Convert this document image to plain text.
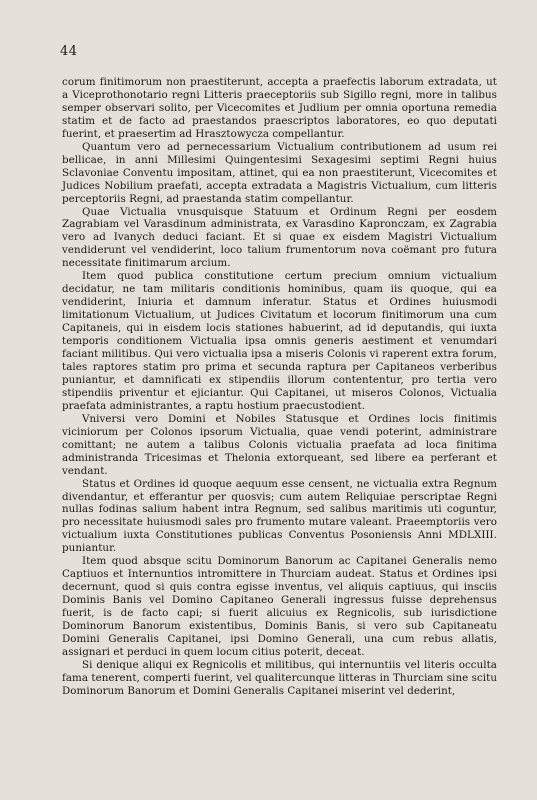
44

corum finitimorum non praestiterunt, accepta a praefectis laborum extradata, ut a Viceprothonotario regni Litteris praeceptoriis sub Sigillo regni, more in talibus semper observari solito, per Vicecomites et Judlium per omnia oportuna remedia statim et de facto ad praestandos praescriptos laboratores, eo quo deputati fuerint, et praesertim ad Hrasztowycza compellantur.

Quantum vero ad pernecessarium Victualium contributionem ad usum rei bellicae, in anni Millesimi Quingentesimi Sexagesimi septimi Regni huius Sclavoniae Conventu impositam, attinet, qui ea non praestiterunt, Vicecomites et Judices Nobilium praefati, accepta extradata a Magistris Victualium, cum litteris perceptoriis Regni, ad praestanda statim compellantur.

Quae Victualia vnusquisque Statuum et Ordinum Regni per eosdem Zagrabiam vel Varasdinum administrata, ex Varasdino Kapronczam, ex Zagrabia vero ad Ivanych deduci faciant. Et si quae ex eisdem Magistri Victualium vendiderunt vel vendiderint, loco talium frumentorum nova coëmant pro futura necessitate finitimarum arcium.

Item quod publica constitutione certum precium omnium victualium decidatur, ne tam militaris conditionis hominibus, quam iis quoque, qui ea vendiderint, Iniuria et damnum inferatur. Status et Ordines huiusmodi limitationum Victualium, ut Judices Civitatum et locorum finitimorum una cum Capitaneis, qui in eisdem locis stationes habuerint, ad id deputandis, qui iuxta temporis conditionem Victualia ipsa omnis generis aestiment et venumdari faciant militibus. Qui vero victualia ipsa a miseris Colonis vi raperent extra forum, tales raptores statim pro prima et secunda raptura per Capitaneos verberibus puniantur, et damnificati ex stipendiis illorum contententur, pro tertia vero stipendiis priventur et ejiciantur. Qui Capitanei, ut miseros Colonos, Victualia praefata administrantes, a raptu hostium praecustodient.

Vniversi vero Domini et Nobiles Statusque et Ordines locis finitimis viciniorum per Colonos ipsorum Victualia, quae vendi poterint, administrare comittant; ne autem a talibus Colonis victualia praefata ad loca finitima administranda Tricesimas et Thelonia extorqueant, sed libere ea perferant et vendant.

Status et Ordines id quoque aequum esse censent, ne victualia extra Regnum divendantur, et efferantur per quosvis; cum autem Reliquiae perscriptae Regni nullas fodinas salium habent intra Regnum, sed salibus maritimis uti coguntur, pro necessitate huiusmodi sales pro frumento mutare valeant. Praeemptoriis vero victualium iuxta Constitutiones publicas Conventus Posoniensis Anni MDLXIII. puniantur.

Item quod absque scitu Dominorum Banorum ac Capitanei Generalis nemo Captiuos et Internuntios intromittere in Thurciam audeat. Status et Ordines ipsi decernunt, quod si quis contra egisse inventus, vel aliquis captiuus, qui insciis Dominis Banis vel Domino Capitaneo Generali ingressus fuisse deprehensus fuerit, is de facto capi; si fuerit alicuius ex Regnicolis, sub iurisdictione Dominorum Banorum existentibus, Dominis Banis, si vero sub Capitaneatu Domini Generalis Capitanei, ipsi Domino Generali, una cum rebus allatis, assignari et perduci in quem locum citius poterit, deceat.

Si denique aliqui ex Regnicolis et militibus, qui internuntiis vel literis occulta fama tenerent, comperti fuerint, vel qualitercunque litteras in Thurciam sine scitu Dominorum Banorum et Domini Generalis Capitanei miserint vel dederint,
